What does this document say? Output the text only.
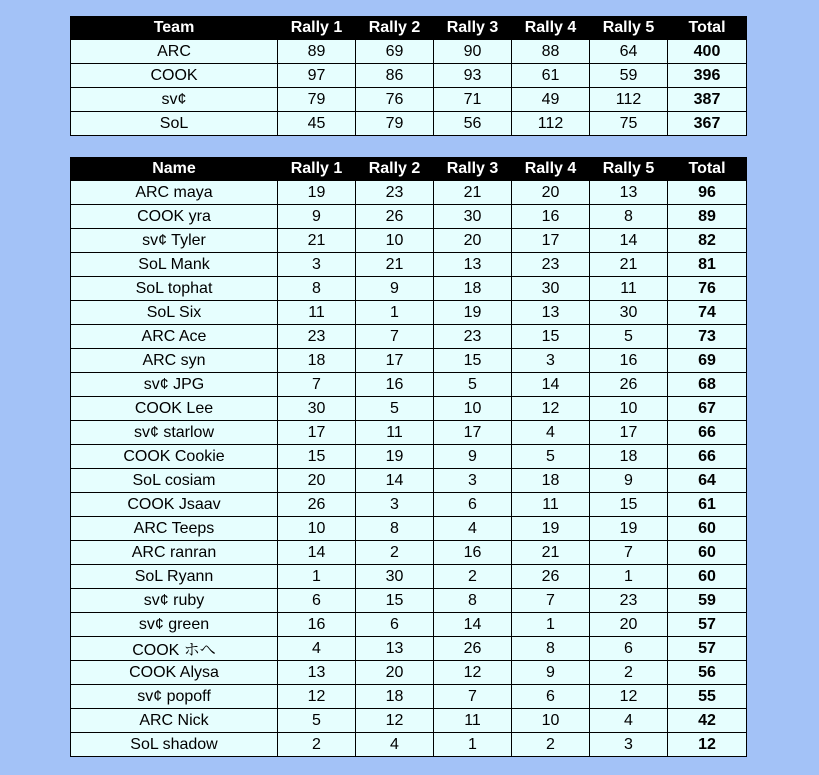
Team	Rally 1	Rally 2	Rally 3	Rally 4	Rally 5	Total
ARC	89	69	90	88	64	400
COOK	97	86	93	61	59	396
sv¢	79	76	71	49	112	387
SoL	45	79	56	112	75	367
Name	Rally 1	Rally 2	Rally 3	Rally 4	Rally 5	Total
ARC maya	19	23	21	20	13	96
COOK yra	9	26	30	16	8	89
sv¢ Tyler	21	10	20	17	14	82
SoL Mank	3	21	13	23	21	81
SoL tophat	8	9	18	30	11	76
SoL Six	11	1	19	13	30	74
ARC Ace	23	7	23	15	5	73
ARC syn	18	17	15	3	16	69
sv¢ JPG	7	16	5	14	26	68
COOK Lee	30	5	10	12	10	67
sv¢ starlow	17	11	17	4	17	66
COOK Cookie	15	19	9	5	18	66
SoL cosiam	20	14	3	18	9	64
COOK Jsaav	26	3	6	11	15	61
ARC Teeps	10	8	4	19	19	60
ARC ranran	14	2	16	21	7	60
SoL Ryann	1	30	2	26	1	60
sv¢ ruby	6	15	8	7	23	59
sv¢ green	16	6	14	1	20	57
COOK ホへ	4	13	26	8	6	57
COOK Alysa	13	20	12	9	2	56
sv¢ popoff	12	18	7	6	12	55
ARC Nick	5	12	11	10	4	42
SoL shadow	2	4	1	2	3	12
